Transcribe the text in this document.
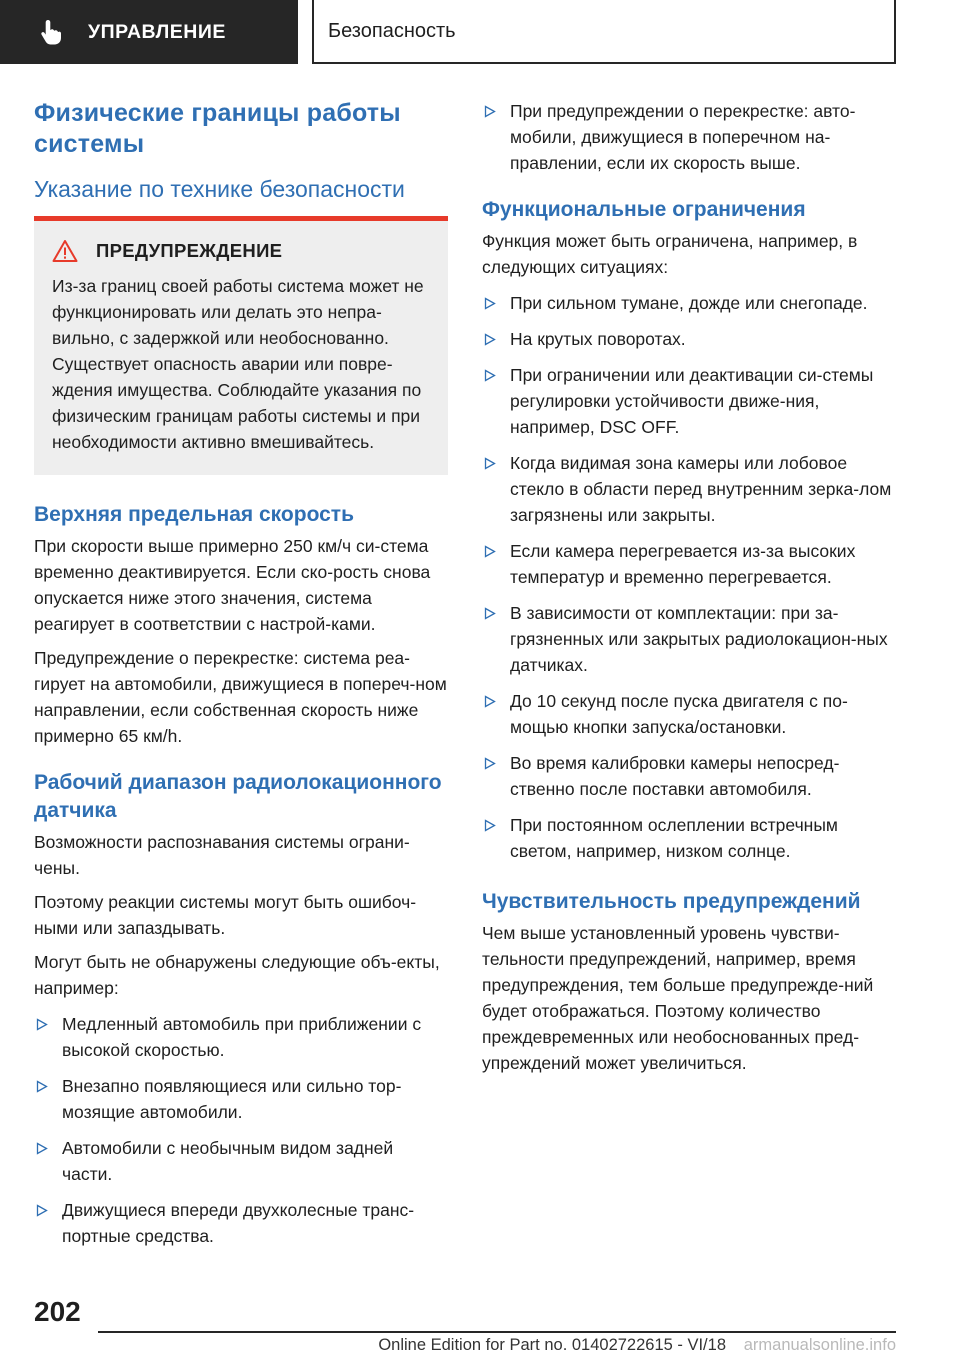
УПРАВЛЕНИЕ	Безопасность
Физические границы работы системы
Указание по технике безопасности
ПРЕДУПРЕЖДЕНИЕ

Из-за границ своей работы система может не функционировать или делать это непра-вильно, с задержкой или необоснованно. Существует опасность аварии или повре-ждения имущества. Соблюдайте указания по физическим границам работы системы и при необходимости активно вмешивайтесь.

Верхняя предельная скорость

При скорости выше примерно 250 км/ч си-стема временно деактивируется. Если ско-рость снова опускается ниже этого значения, система реагирует в соответствии с настрой-ками.

Предупреждение о перекрестке: система реа-гирует на автомобили, движущиеся в попереч-ном направлении, если собственная скорость ниже примерно 65 км/h.

Рабочий диапазон радиолокационного датчика

Возможности распознавания системы ограни-чены.

Поэтому реакции системы могут быть ошибоч-ными или запаздывать.

Могут быть не обнаружены следующие объ-екты, например:

Медленный автомобиль при приближении с высокой скоростью.
Внезапно появляющиеся или сильно тор-мозящие автомобили.
Автомобили с необычным видом задней части.
Движущиеся впереди двухколесные транс-портные средства.
При предупреждении о перекрестке: авто-мобили, движущиеся в поперечном на-правлении, если их скорость выше.
Функциональные ограничения

Функция может быть ограничена, например, в следующих ситуациях:

При сильном тумане, дожде или снегопаде.
На крутых поворотах.
При ограничении или деактивации си-стемы регулировки устойчивости движе-ния, например, DSC OFF.
Когда видимая зона камеры или лобовое стекло в области перед внутренним зерка-лом загрязнены или закрыты.
Если камера перегревается из-за высоких температур и временно перегревается.
В зависимости от комплектации: при за-грязненных или закрытых радиолокацион-ных датчиках.
До 10 секунд после пуска двигателя с по-мощью кнопки запуска/остановки.
Во время калибровки камеры непосред-ственно после поставки автомобиля.
При постоянном ослеплении встречным светом, например, низком солнце.
Чувствительность предупреждений

Чем выше установленный уровень чувстви-тельности предупреждений, например, время предупреждения, тем больше предупрежде-ний будет отображаться. Поэтому количество преждевременных или необоснованных пред-упреждений может увеличиться.

202
Online Edition for Part no. 01402722615 - VI/18 armanualsonline.info
